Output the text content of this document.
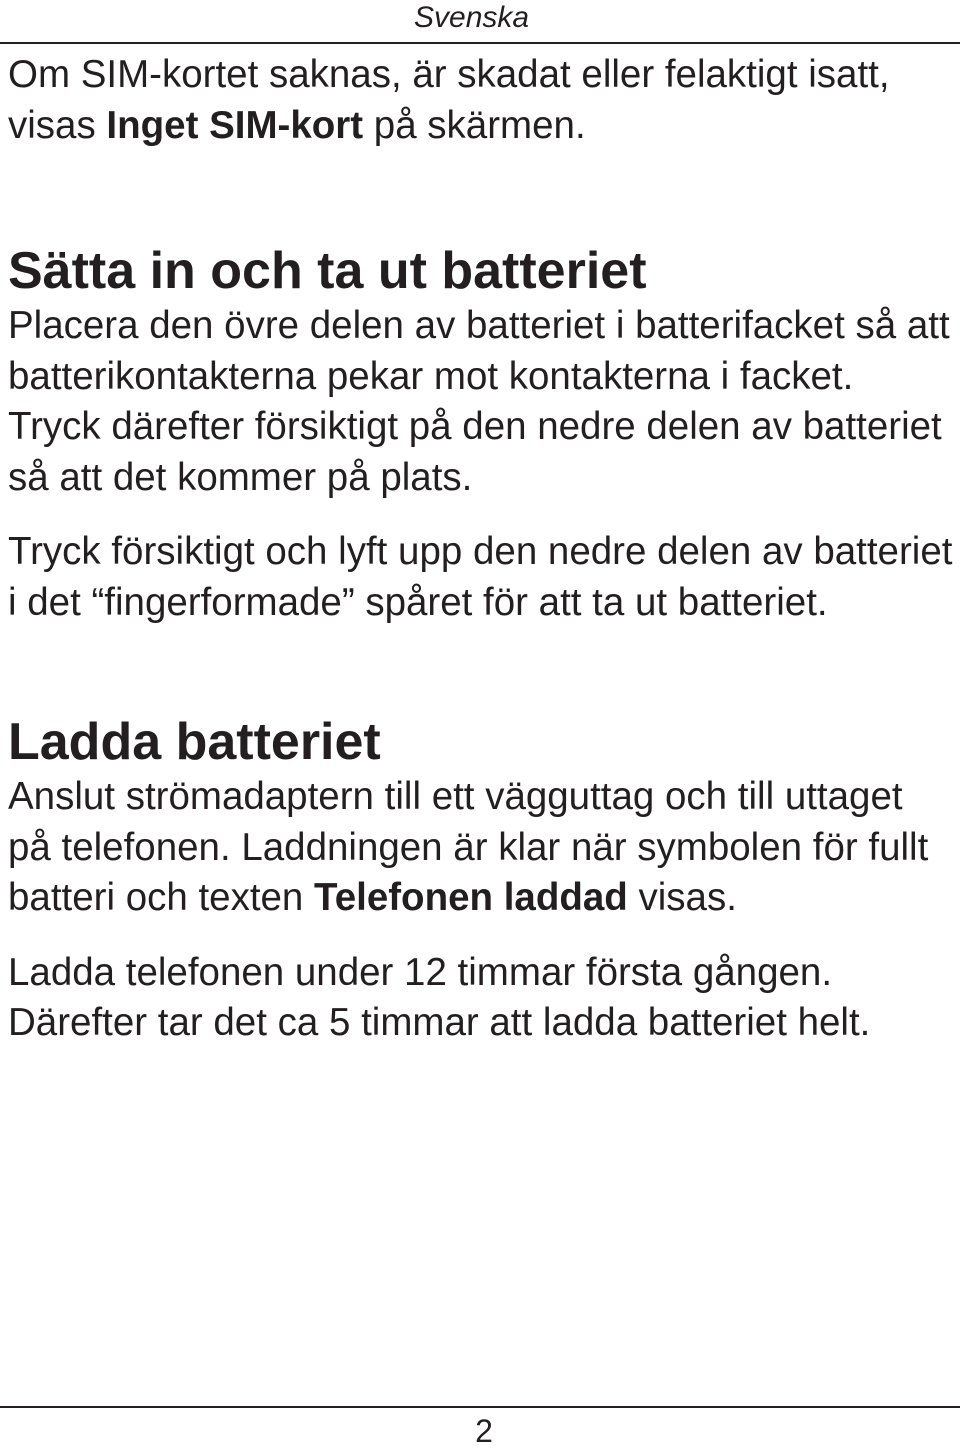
Svenska

Om SIM-kortet saknas, är skadat eller felaktigt isatt, visas Inget SIM-kort på skärmen.

Sätta in och ta ut batteriet

Placera den övre delen av batteriet i batterifacket så att batterikontakterna pekar mot kontakterna i facket. Tryck därefter försiktigt på den nedre delen av batteriet så att det kommer på plats.

Tryck försiktigt och lyft upp den nedre delen av batteriet i det “fingerformade” spåret för att ta ut batteriet.

Ladda batteriet

Anslut strömadaptern till ett vägguttag och till uttaget på telefonen. Laddningen är klar när symbolen för fullt batteri och texten Telefonen laddad visas.

Ladda telefonen under 12 timmar första gången. Därefter tar det ca 5 timmar att ladda batteriet helt.

2
